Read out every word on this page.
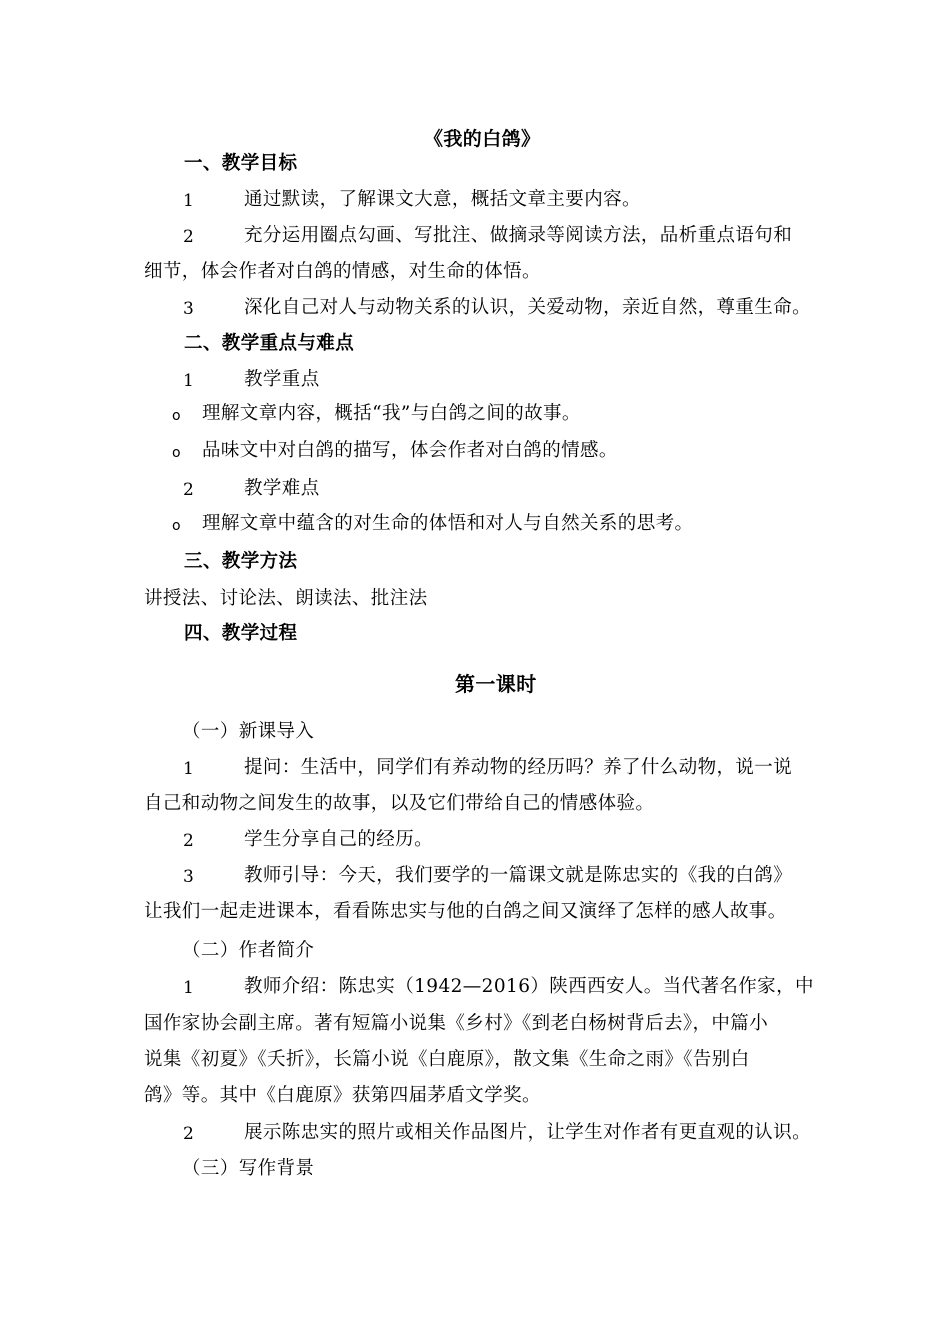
《我的白鸽》
一、教学目标
1	通过默读，了解课文大意，概括文章主要内容。
2	充分运用圈点勾画、写批注、做摘录等阅读方法，品析重点语句和
细节，体会作者对白鸽的情感，对生命的体悟。
3	深化自己对人与动物关系的认识，关爱动物，亲近自然，尊重生命。
二、教学重点与难点
1	教学重点
o 理解文章内容，概括“我”与白鸽之间的故事。
o 品味文中对白鸽的描写，体会作者对白鸽的情感。
2	教学难点
o 理解文章中蕴含的对生命的体悟和对人与自然关系的思考。
三、教学方法
讲授法、讨论法、朗读法、批注法
四、教学过程
第一课时
（一）新课导入
1	提问：生活中，同学们有养动物的经历吗？养了什么动物，说一说
自己和动物之间发生的故事，以及它们带给自己的情感体验。
2	学生分享自己的经历。
3	教师引导：今天，我们要学的一篇课文就是陈忠实的《我的白鸽》
让我们一起走进课本，看看陈忠实与他的白鸽之间又演绎了怎样的感人故事。
（二）作者简介
1	教师介绍：陈忠实（1942—2016）陕西西安人。当代著名作家，中
国作家协会副主席。著有短篇小说集《乡村》《到老白杨树背后去》，中篇小
说集《初夏》《夭折》，长篇小说《白鹿原》，散文集《生命之雨》《告别白
鸽》等。其中《白鹿原》获第四届茅盾文学奖。
2	展示陈忠实的照片或相关作品图片，让学生对作者有更直观的认识。
（三）写作背景
